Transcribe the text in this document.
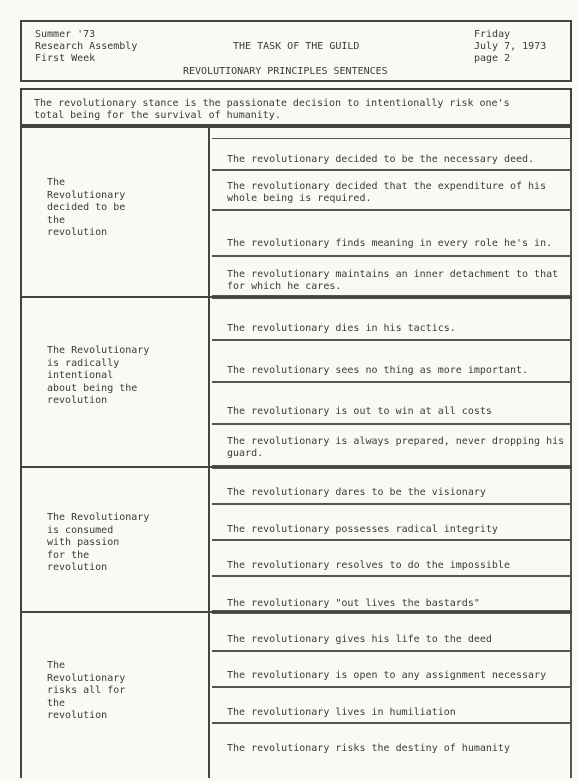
Summer '73
Research Assembly
First Week
THE TASK OF THE GUILD
REVOLUTIONARY PRINCIPLES SENTENCES
Friday
July 7, 1973
page 2
The revolutionary stance is the passionate decision to intentionally risk one's total being for the survival of humanity.
The
Revolutionary
decided to be
the
revolution
The Revolutionary
is radically
intentional
about being the
revolution
The Revolutionary
is consumed
with passion
for the
revolution
The
Revolutionary
risks all for
the
revolution
The revolutionary decided to be the necessary deed.
The revolutionary decided that the expenditure of his whole being is required.
The revolutionary finds meaning in every role he's in.
The revolutionary maintains an inner detachment to that for which he cares.
The revolutionary dies in his tactics.
The revolutionary sees no thing as more important.
The revolutionary is out to win at all costs
The revolutionary is always prepared, never dropping his guard.
The revolutionary dares to be the visionary
The revolutionary possesses radical integrity
The revolutionary resolves to do the impossible
The revolutionary "out lives the bastards"
The revolutionary gives his life to the deed
The revolutionary is open to any assignment necessary
The revolutionary lives in humiliation
The revolutionary risks the destiny of humanity
